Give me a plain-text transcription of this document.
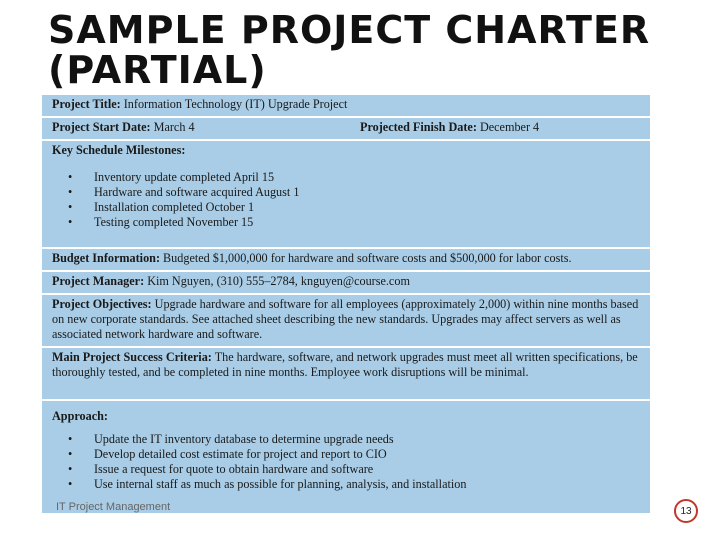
SAMPLE PROJECT CHARTER
(PARTIAL)
Project Title: Information Technology (IT) Upgrade Project
Project Start Date: March 4	Projected Finish Date: December 4
Key Schedule Milestones:
• Inventory update completed April 15
• Hardware and software acquired August 1
• Installation completed October 1
• Testing completed November 15
Budget Information: Budgeted $1,000,000 for hardware and software costs and $500,000 for labor costs.
Project Manager: Kim Nguyen, (310) 555–2784, knguyen@course.com
Project Objectives: Upgrade hardware and software for all employees (approximately 2,000) within nine months based on new corporate standards. See attached sheet describing the new standards. Upgrades may affect servers as well as associated network hardware and software.
Main Project Success Criteria: The hardware, software, and network upgrades must meet all written specifications, be thoroughly tested, and be completed in nine months. Employee work disruptions will be minimal.
Approach:
• Update the IT inventory database to determine upgrade needs
• Develop detailed cost estimate for project and report to CIO
• Issue a request for quote to obtain hardware and software
• Use internal staff as much as possible for planning, analysis, and installation
IT Project Management	13
